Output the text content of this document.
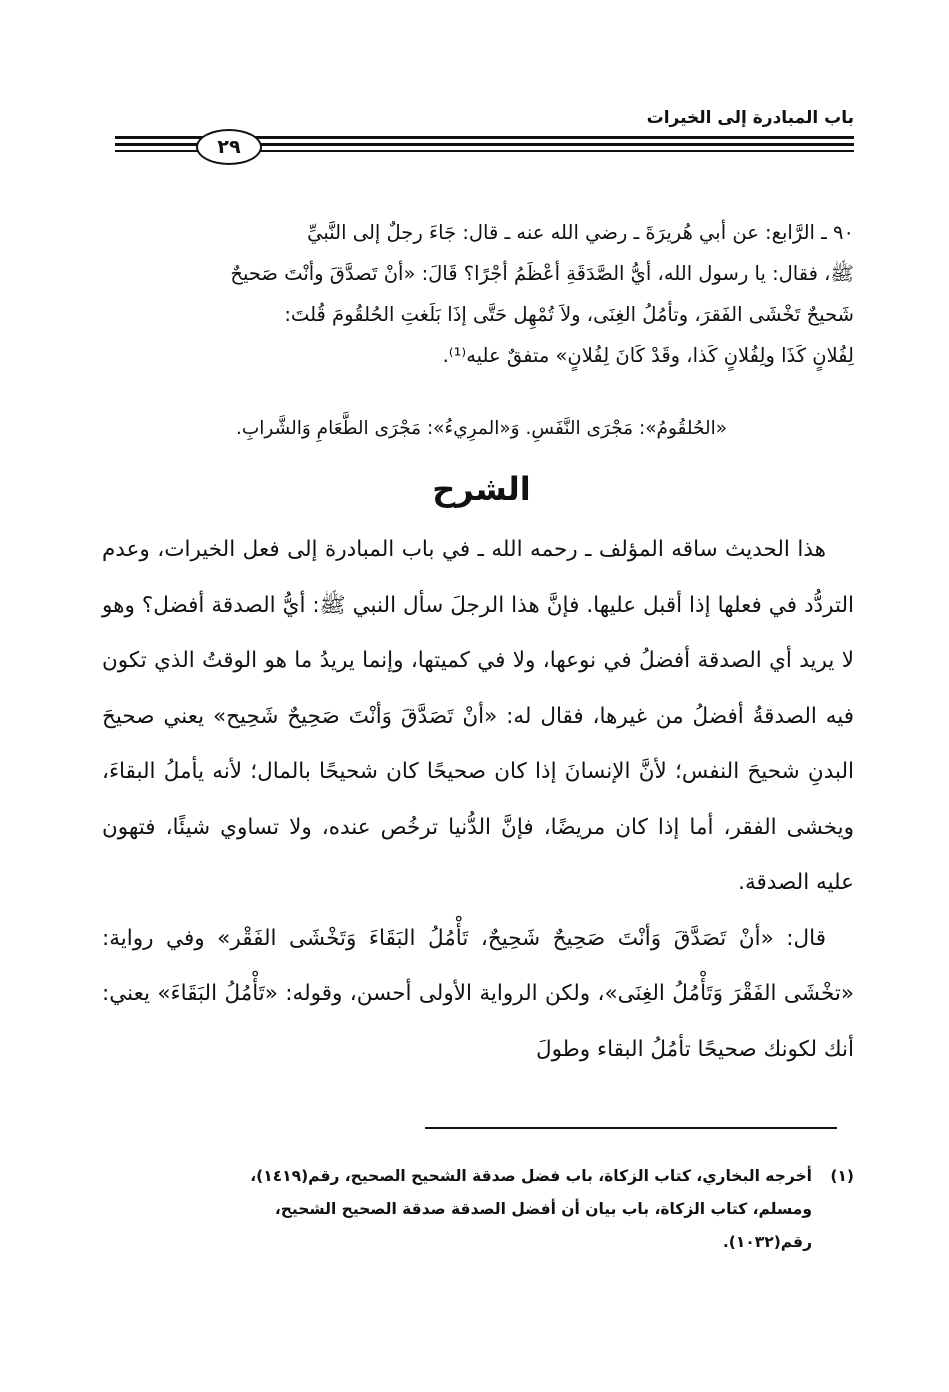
باب المبادرة إلى الخيرات
٢٩

٩٠ ـ الرَّابع: عن أبي هُريرَةَ ـ رضي الله عنه ـ قال: جَاءَ رجلٌ إلى النَّبيِّ

ﷺ، فقال: يا رسول الله، أيُّ الصَّدَقَةِ أعْظَمُ أجْرًا؟ قَالَ: «أنْ تَصدَّقَ وأنْتَ صَحيحٌ

شَحيحٌ تَخْشَى الفَقرَ، وتأمُلُ الغِنَى، ولاَ تُمْهِل حَتَّى إذَا بَلَغتِ الحُلقُومَ قُلتَ:

لِفُلانٍ كَذَا ولِفُلانٍ كَذا، وقَدْ كَانَ لِفُلانٍ» متفقٌ عليه⁽¹⁾.

«الحُلقُومُ»: مَجْرَى النَّفَسِ. وَ«المرِيءُ»: مَجْرَى الطَّعَامِ وَالشَّرابِ.
الشرح

هذا الحديث ساقه المؤلف ـ رحمه الله ـ في باب المبادرة إلى فعل الخيرات، وعدم التردُّد في فعلها إذا أقبل عليها. فإنَّ هذا الرجلَ سأل النبي ﷺ: أيُّ الصدقة أفضل؟ وهو لا يريد أي الصدقة أفضلُ في نوعها، ولا في كميتها، وإنما يريدُ ما هو الوقتُ الذي تكون فيه الصدقةُ أفضلُ من غيرها، فقال له: «أنْ تَصَدَّقَ وَأنْتَ صَحِيحٌ شَحِيح» يعني صحيحَ البدنِ شحيحَ النفس؛ لأنَّ الإنسانَ إذا كان صحيحًا كان شحيحًا بالمال؛ لأنه يأملُ البقاءَ، ويخشى الفقر، أما إذا كان مريضًا، فإنَّ الدُّنيا ترخُص عنده، ولا تساوي شيئًا، فتهون عليه الصدقة.

قال: «أنْ تَصَدَّقَ وَأنْتَ صَحِيحٌ شَحِيحٌ، تَأْمُلُ البَقَاءَ وَتَخْشَى الفَقْر» وفي رواية: «تخْشَى الفَقْرَ وَتَأْمُلُ الغِنَى»، ولكن الرواية الأولى أحسن، وقوله: «تَأْمُلُ البَقَاءَ» يعني: أنك لكونك صحيحًا تأمُلُ البقاء وطولَ

(١)
أخرجه البخاري، كتاب الزكاة، باب فضل صدقة الشحيح الصحيح، رقم(١٤١٩)،
ومسلم، كتاب الزكاة، باب بيان أن أفضل الصدقة صدقة الصحيح الشحيح،
رقم(١٠٣٢).
